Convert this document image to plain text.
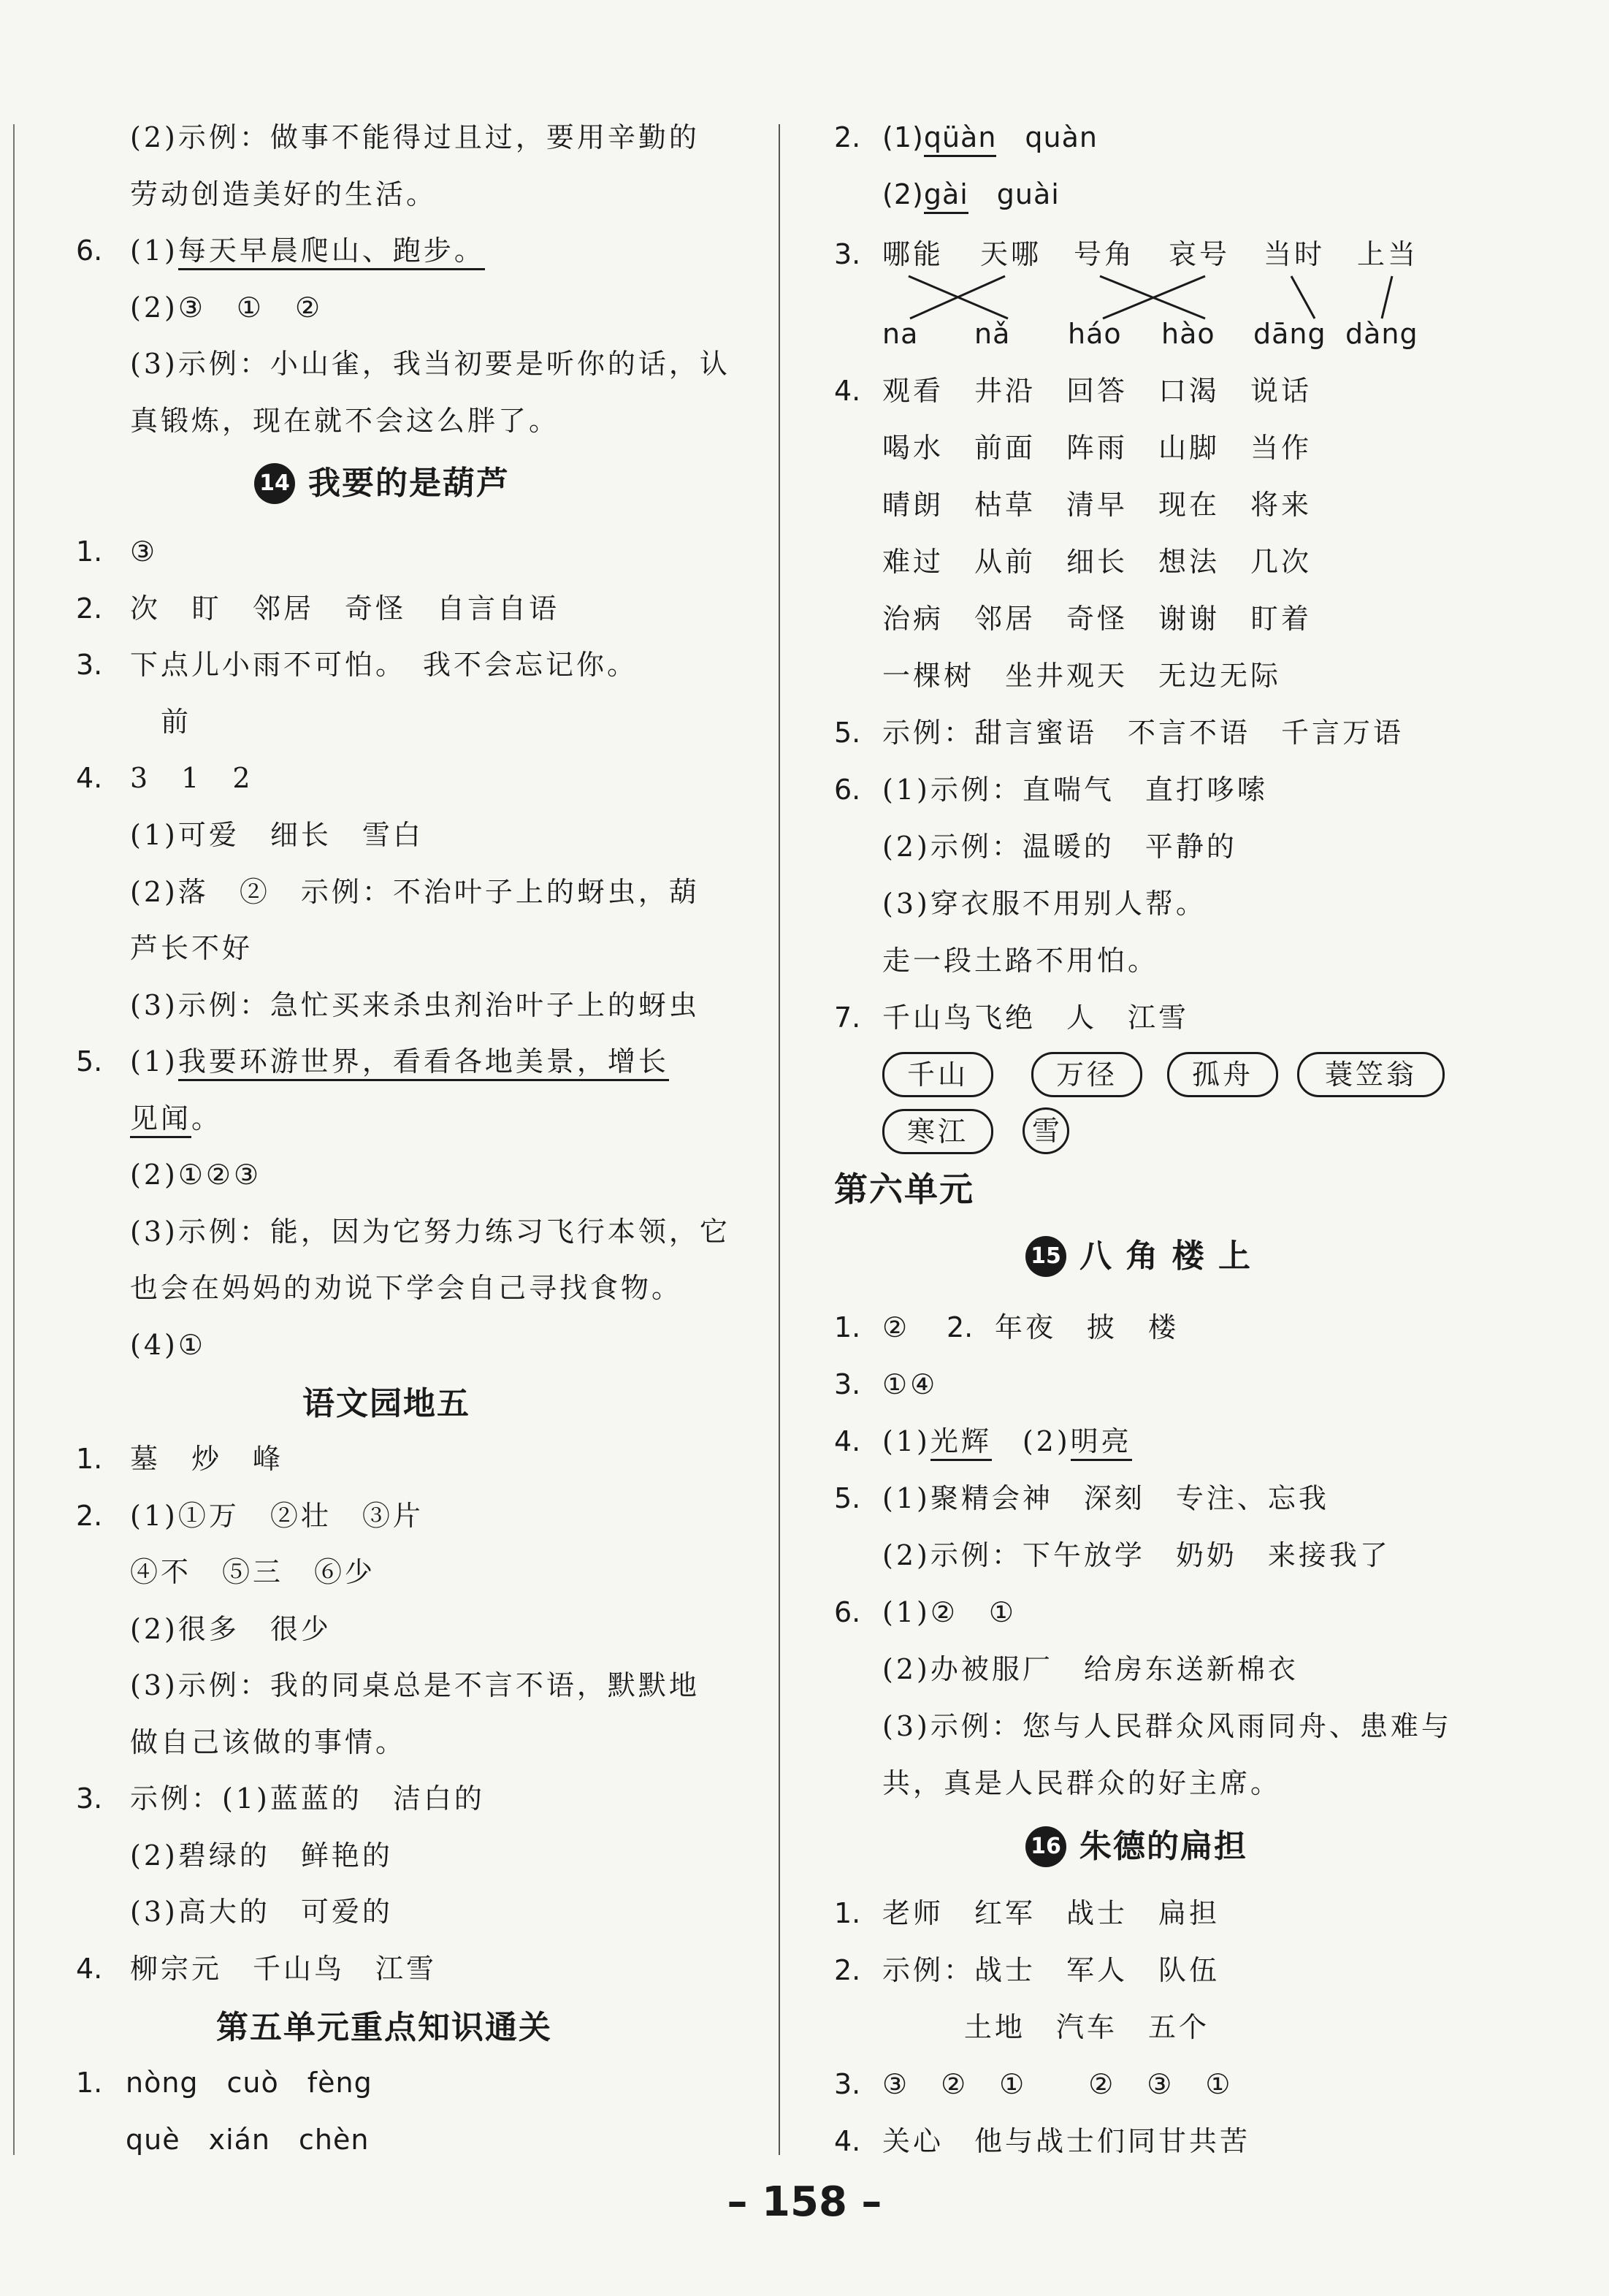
(2)示例：做事不能得过且过，要用辛勤的
劳动创造美好的生活。
6. (1)每天早晨爬山、跑步。
(2)③　①　②
(3)示例：小山雀，我当初要是听你的话，认
真锻炼，现在就不会这么胖了。
14 我要的是葫芦
1. ③
2. 次　盯　邻居　奇怪　自言自语
3. 下点儿小雨不可怕。　我不会忘记你。
前
4. 3　1　2
(1)可爱　细长　雪白
(2)落　②　示例：不治叶子上的蚜虫，葫
芦长不好
(3)示例：急忙买来杀虫剂治叶子上的蚜虫
5. (1)我要环游世界，看看各地美景，增长
见闻。
(2)①②③
(3)示例：能，因为它努力练习飞行本领，它
也会在妈妈的劝说下学会自己寻找食物。
(4)①
语文园地五
1. 墓　炒　峰
2. (1)①万　②壮　③片
④不　⑤三　⑥少
(2)很多　很少
(3)示例：我的同桌总是不言不语，默默地
做自己该做的事情。
3. 示例：(1)蓝蓝的　洁白的
(2)碧绿的　鲜艳的
(3)高大的　可爱的
4. 柳宗元　千山鸟　江雪
第五单元重点知识通关
1. nòng　cuò　fèng
què　xián　chèn
2. (1)qüàn　quàn
(2)gài　guài
3. 哪能 天哪 号角 哀号 当时 上当
na nǎ háo hào dāng dàng
4. 观看　井沿　回答　口渴　说话
喝水　前面　阵雨　山脚　当作
晴朗　枯草　清早　现在　将来
难过　从前　细长　想法　几次
治病　邻居　奇怪　谢谢　盯着
一棵树　坐井观天　无边无际
5. 示例：甜言蜜语　不言不语　千言万语
6. (1)示例：直喘气　直打哆嗦
(2)示例：温暖的　平静的
(3)穿衣服不用别人帮。
走一段土路不用怕。
7. 千山鸟飞绝　人　江雪
千山	万径	孤舟	蓑笠翁
寒江	雪
第六单元
15 八 角 楼 上
1. ② 2. 年夜　披　楼
3. ①④
4. (1)光辉　(2)明亮
5. (1)聚精会神　深刻　专注、忘我
(2)示例：下午放学　奶奶　来接我了
6. (1)②　①
(2)办被服厂　给房东送新棉衣
(3)示例：您与人民群众风雨同舟、患难与
共，真是人民群众的好主席。
16 朱德的扁担
1. 老师　红军　战士　扁担
2. 示例：战士　军人　队伍
土地　汽车　五个
3. ③　②　①　　②　③　①
4. 关心　他与战士们同甘共苦
– 158 –
